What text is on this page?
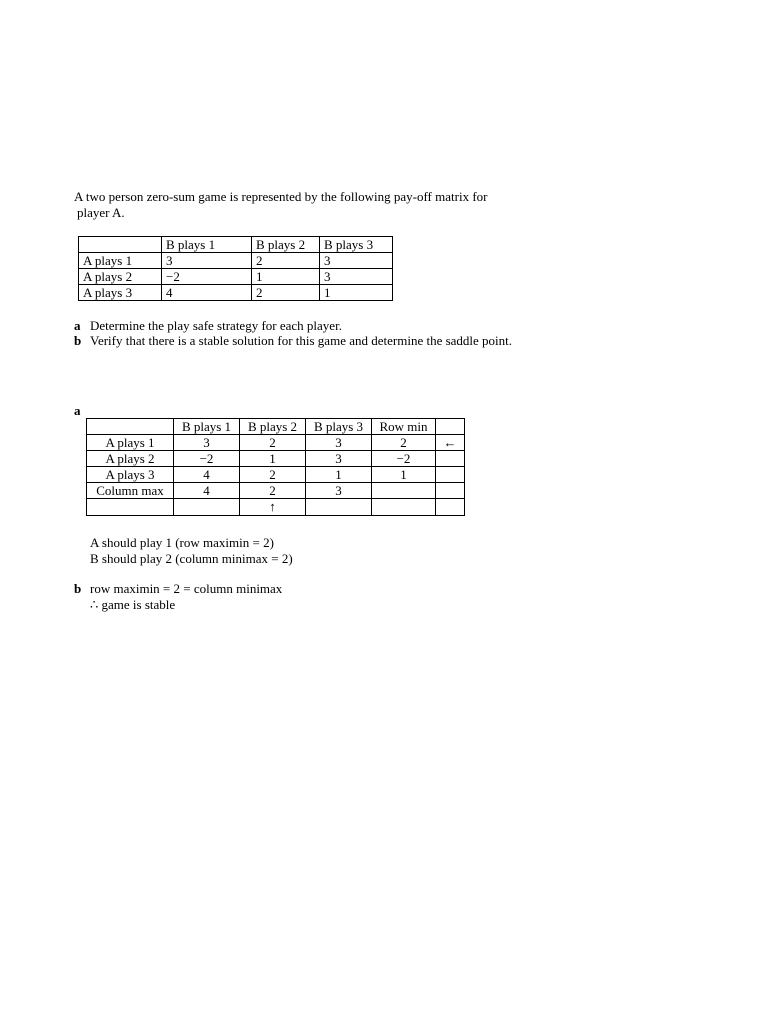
A two person zero-sum game is represented by the following pay-off matrix for
player A.
	B plays 1	B plays 2	B plays 3
A plays 1	3	2	3
A plays 2	−2	1	3
A plays 3	4	2	1
a Determine the play safe strategy for each player.
b Verify that there is a stable solution for this game and determine the saddle point.
a
	B plays 1	B plays 2	B plays 3	Row min	
A plays 1	3	2	3	2	←
A plays 2	−2	1	3	−2	
A plays 3	4	2	1	1	
Column max	4	2	3		
		↑			
A should play 1 (row maximin = 2)
B should play 2 (column minimax = 2)
b row maximin = 2 = column minimax
∴ game is stable
